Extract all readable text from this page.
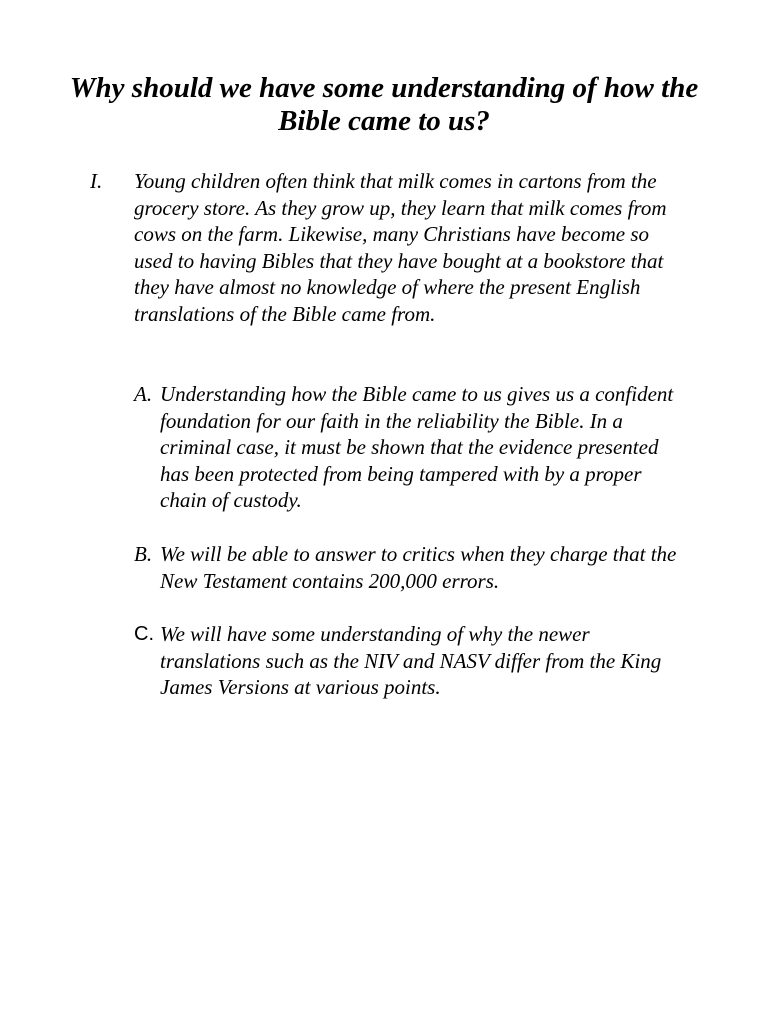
Why should we have some understanding of how the Bible came to us?
I. Young children often think that milk comes in cartons from the grocery store. As they grow up, they learn that milk comes from cows on the farm. Likewise, many Christians have become so used to having Bibles that they have bought at a bookstore that they have almost no knowledge of where the present English translations of the Bible came from.

A. Understanding how the Bible came to us gives us a confident foundation for our faith in the reliability the Bible. In a criminal case, it must be shown that the evidence presented has been protected from being tampered with by a proper chain of custody.
B. We will be able to answer to critics when they charge that the New Testament contains 200,000 errors.
C. We will have some understanding of why the newer translations such as the NIV and NASV differ from the King James Versions at various points.
